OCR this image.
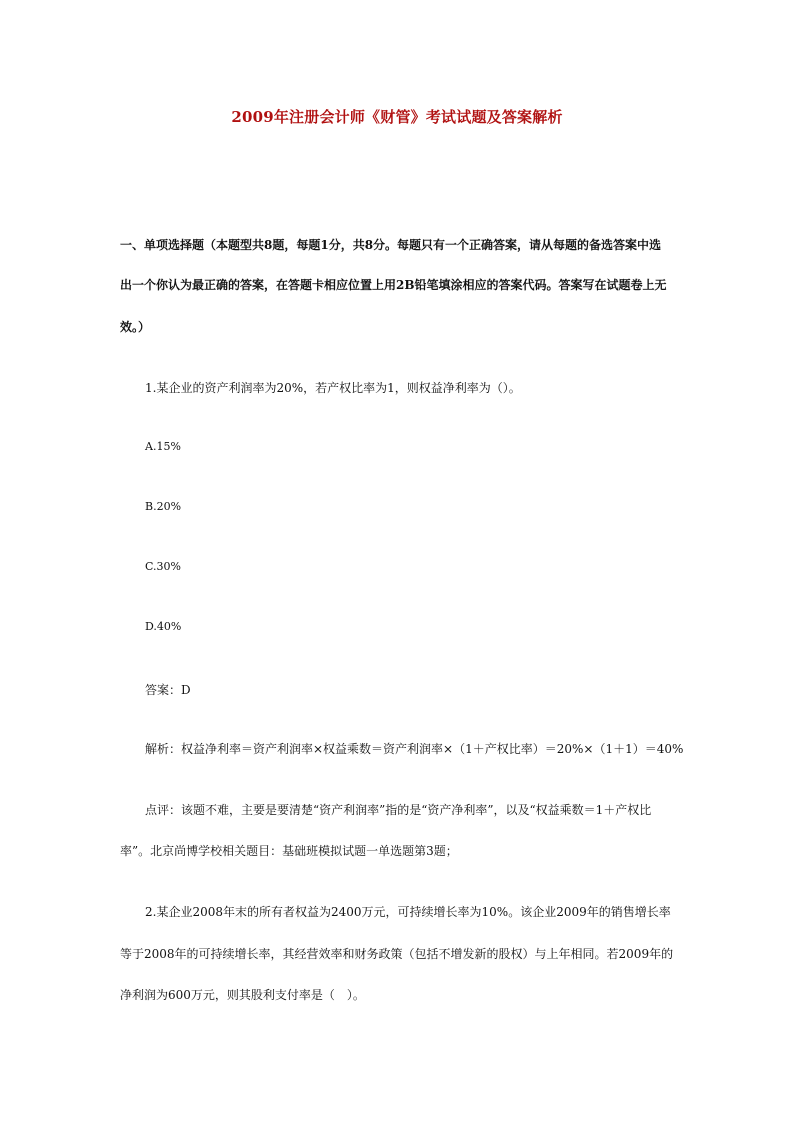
2009年注册会计师《财管》考试试题及答案解析
一、单项选择题（本题型共8题，每题1分，共8分。每题只有一个正确答案，请从每题的备选答案中选
出一个你认为最正确的答案，在答题卡相应位置上用2B铅笔填涂相应的答案代码。答案写在试题卷上无
效。）
1.某企业的资产利润率为20%，若产权比率为1，则权益净利率为（）。
A.15%
B.20%
C.30%
D.40%
答案：D
解析：权益净利率＝资产利润率×权益乘数＝资产利润率×（1＋产权比率）＝20%×（1＋1）＝40%
点评：该题不难，主要是要清楚“资产利润率”指的是“资产净利率”，以及“权益乘数＝1＋产权比
率”。北京尚博学校相关题目：基础班模拟试题一单选题第3题；
2.某企业2008年末的所有者权益为2400万元，可持续增长率为10%。该企业2009年的销售增长率
等于2008年的可持续增长率，其经营效率和财务政策（包括不增发新的股权）与上年相同。若2009年的
净利润为600万元，则其股利支付率是（　）。
